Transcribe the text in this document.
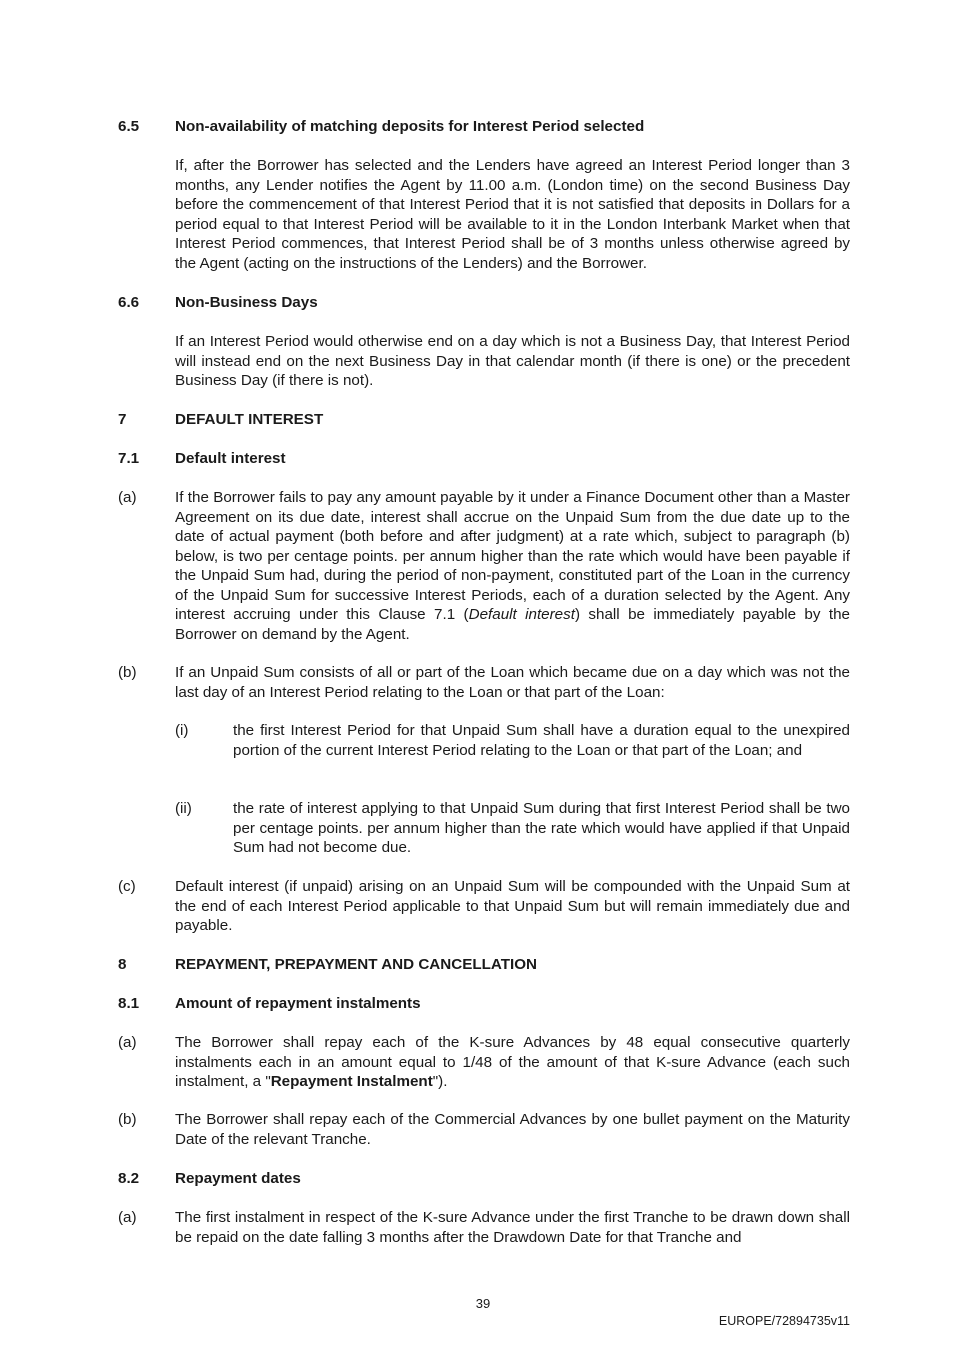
6.5 Non-availability of matching deposits for Interest Period selected
If, after the Borrower has selected and the Lenders have agreed an Interest Period longer than 3 months, any Lender notifies the Agent by 11.00 a.m. (London time) on the second Business Day before the commencement of that Interest Period that it is not satisfied that deposits in Dollars for a period equal to that Interest Period will be available to it in the London Interbank Market when that Interest Period commences, that Interest Period shall be of 3 months unless otherwise agreed by the Agent (acting on the instructions of the Lenders) and the Borrower.
6.6 Non-Business Days
If an Interest Period would otherwise end on a day which is not a Business Day, that Interest Period will instead end on the next Business Day in that calendar month (if there is one) or the precedent Business Day (if there is not).
7	DEFAULT INTEREST
7.1 Default interest
(a)	If the Borrower fails to pay any amount payable by it under a Finance Document other than a Master Agreement on its due date, interest shall accrue on the Unpaid Sum from the due date up to the date of actual payment (both before and after judgment) at a rate which, subject to paragraph (b) below, is two per centage points. per annum higher than the rate which would have been payable if the Unpaid Sum had, during the period of non-payment, constituted part of the Loan in the currency of the Unpaid Sum for successive Interest Periods, each of a duration selected by the Agent. Any interest accruing under this Clause 7.1 (Default interest) shall be immediately payable by the Borrower on demand by the Agent.
(b)	If an Unpaid Sum consists of all or part of the Loan which became due on a day which was not the last day of an Interest Period relating to the Loan or that part of the Loan:
(i)	the first Interest Period for that Unpaid Sum shall have a duration equal to the unexpired portion of the current Interest Period relating to the Loan or that part of the Loan; and
(ii)	the rate of interest applying to that Unpaid Sum during that first Interest Period shall be two per centage points. per annum higher than the rate which would have applied if that Unpaid Sum had not become due.
(c)	Default interest (if unpaid) arising on an Unpaid Sum will be compounded with the Unpaid Sum at the end of each Interest Period applicable to that Unpaid Sum but will remain immediately due and payable.
8	REPAYMENT, PREPAYMENT AND CANCELLATION
8.1 Amount of repayment instalments
(a)	The Borrower shall repay each of the K-sure Advances by 48 equal consecutive quarterly instalments each in an amount equal to 1/48 of the amount of that K-sure Advance (each such instalment, a "Repayment Instalment").
(b)	The Borrower shall repay each of the Commercial Advances by one bullet payment on the Maturity Date of the relevant Tranche.
8.2 Repayment dates
(a)	The first instalment in respect of the K-sure Advance under the first Tranche to be drawn down shall be repaid on the date falling 3 months after the Drawdown Date for that Tranche and
39
EUROPE/72894735v11
